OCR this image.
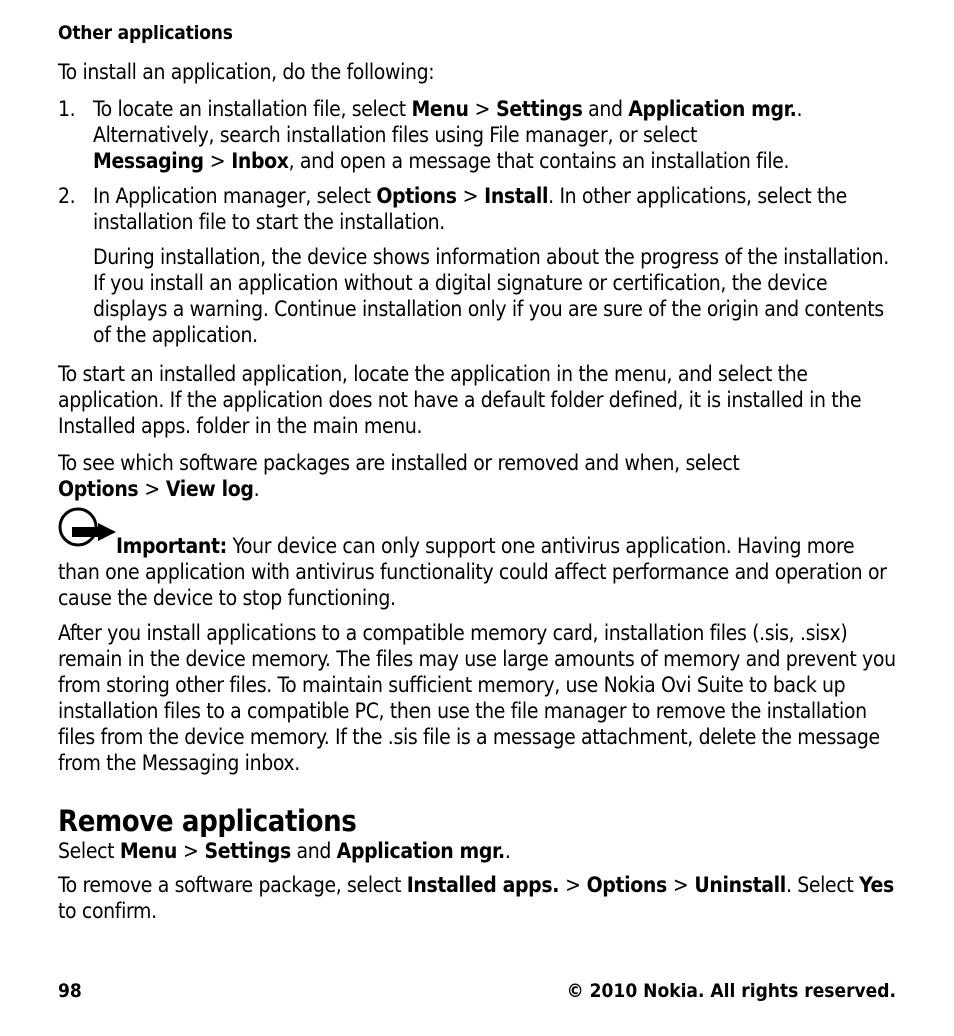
Other applications

To install an application, do the following:

1. To locate an installation file, select Menu > Settings and Application mgr.. Alternatively, search installation files using File manager, or select Messaging > Inbox, and open a message that contains an installation file.
2. In Application manager, select Options > Install. In other applications, select the installation file to start the installation.
During installation, the device shows information about the progress of the installation. If you install an application without a digital signature or certification, the device displays a warning. Continue installation only if you are sure of the origin and contents of the application.

To start an installed application, locate the application in the menu, and select the application. If the application does not have a default folder defined, it is installed in the Installed apps. folder in the main menu.

To see which software packages are installed or removed and when, select Options > View log.

Important: Your device can only support one antivirus application. Having more than one application with antivirus functionality could affect performance and operation or cause the device to stop functioning.

After you install applications to a compatible memory card, installation files (.sis, .sisx) remain in the device memory. The files may use large amounts of memory and prevent you from storing other files. To maintain sufficient memory, use Nokia Ovi Suite to back up installation files to a compatible PC, then use the file manager to remove the installation files from the device memory. If the .sis file is a message attachment, delete the message from the Messaging inbox.

Remove applications

Select Menu > Settings and Application mgr..

To remove a software package, select Installed apps. > Options > Uninstall. Select Yes to confirm.

98	© 2010 Nokia. All rights reserved.
